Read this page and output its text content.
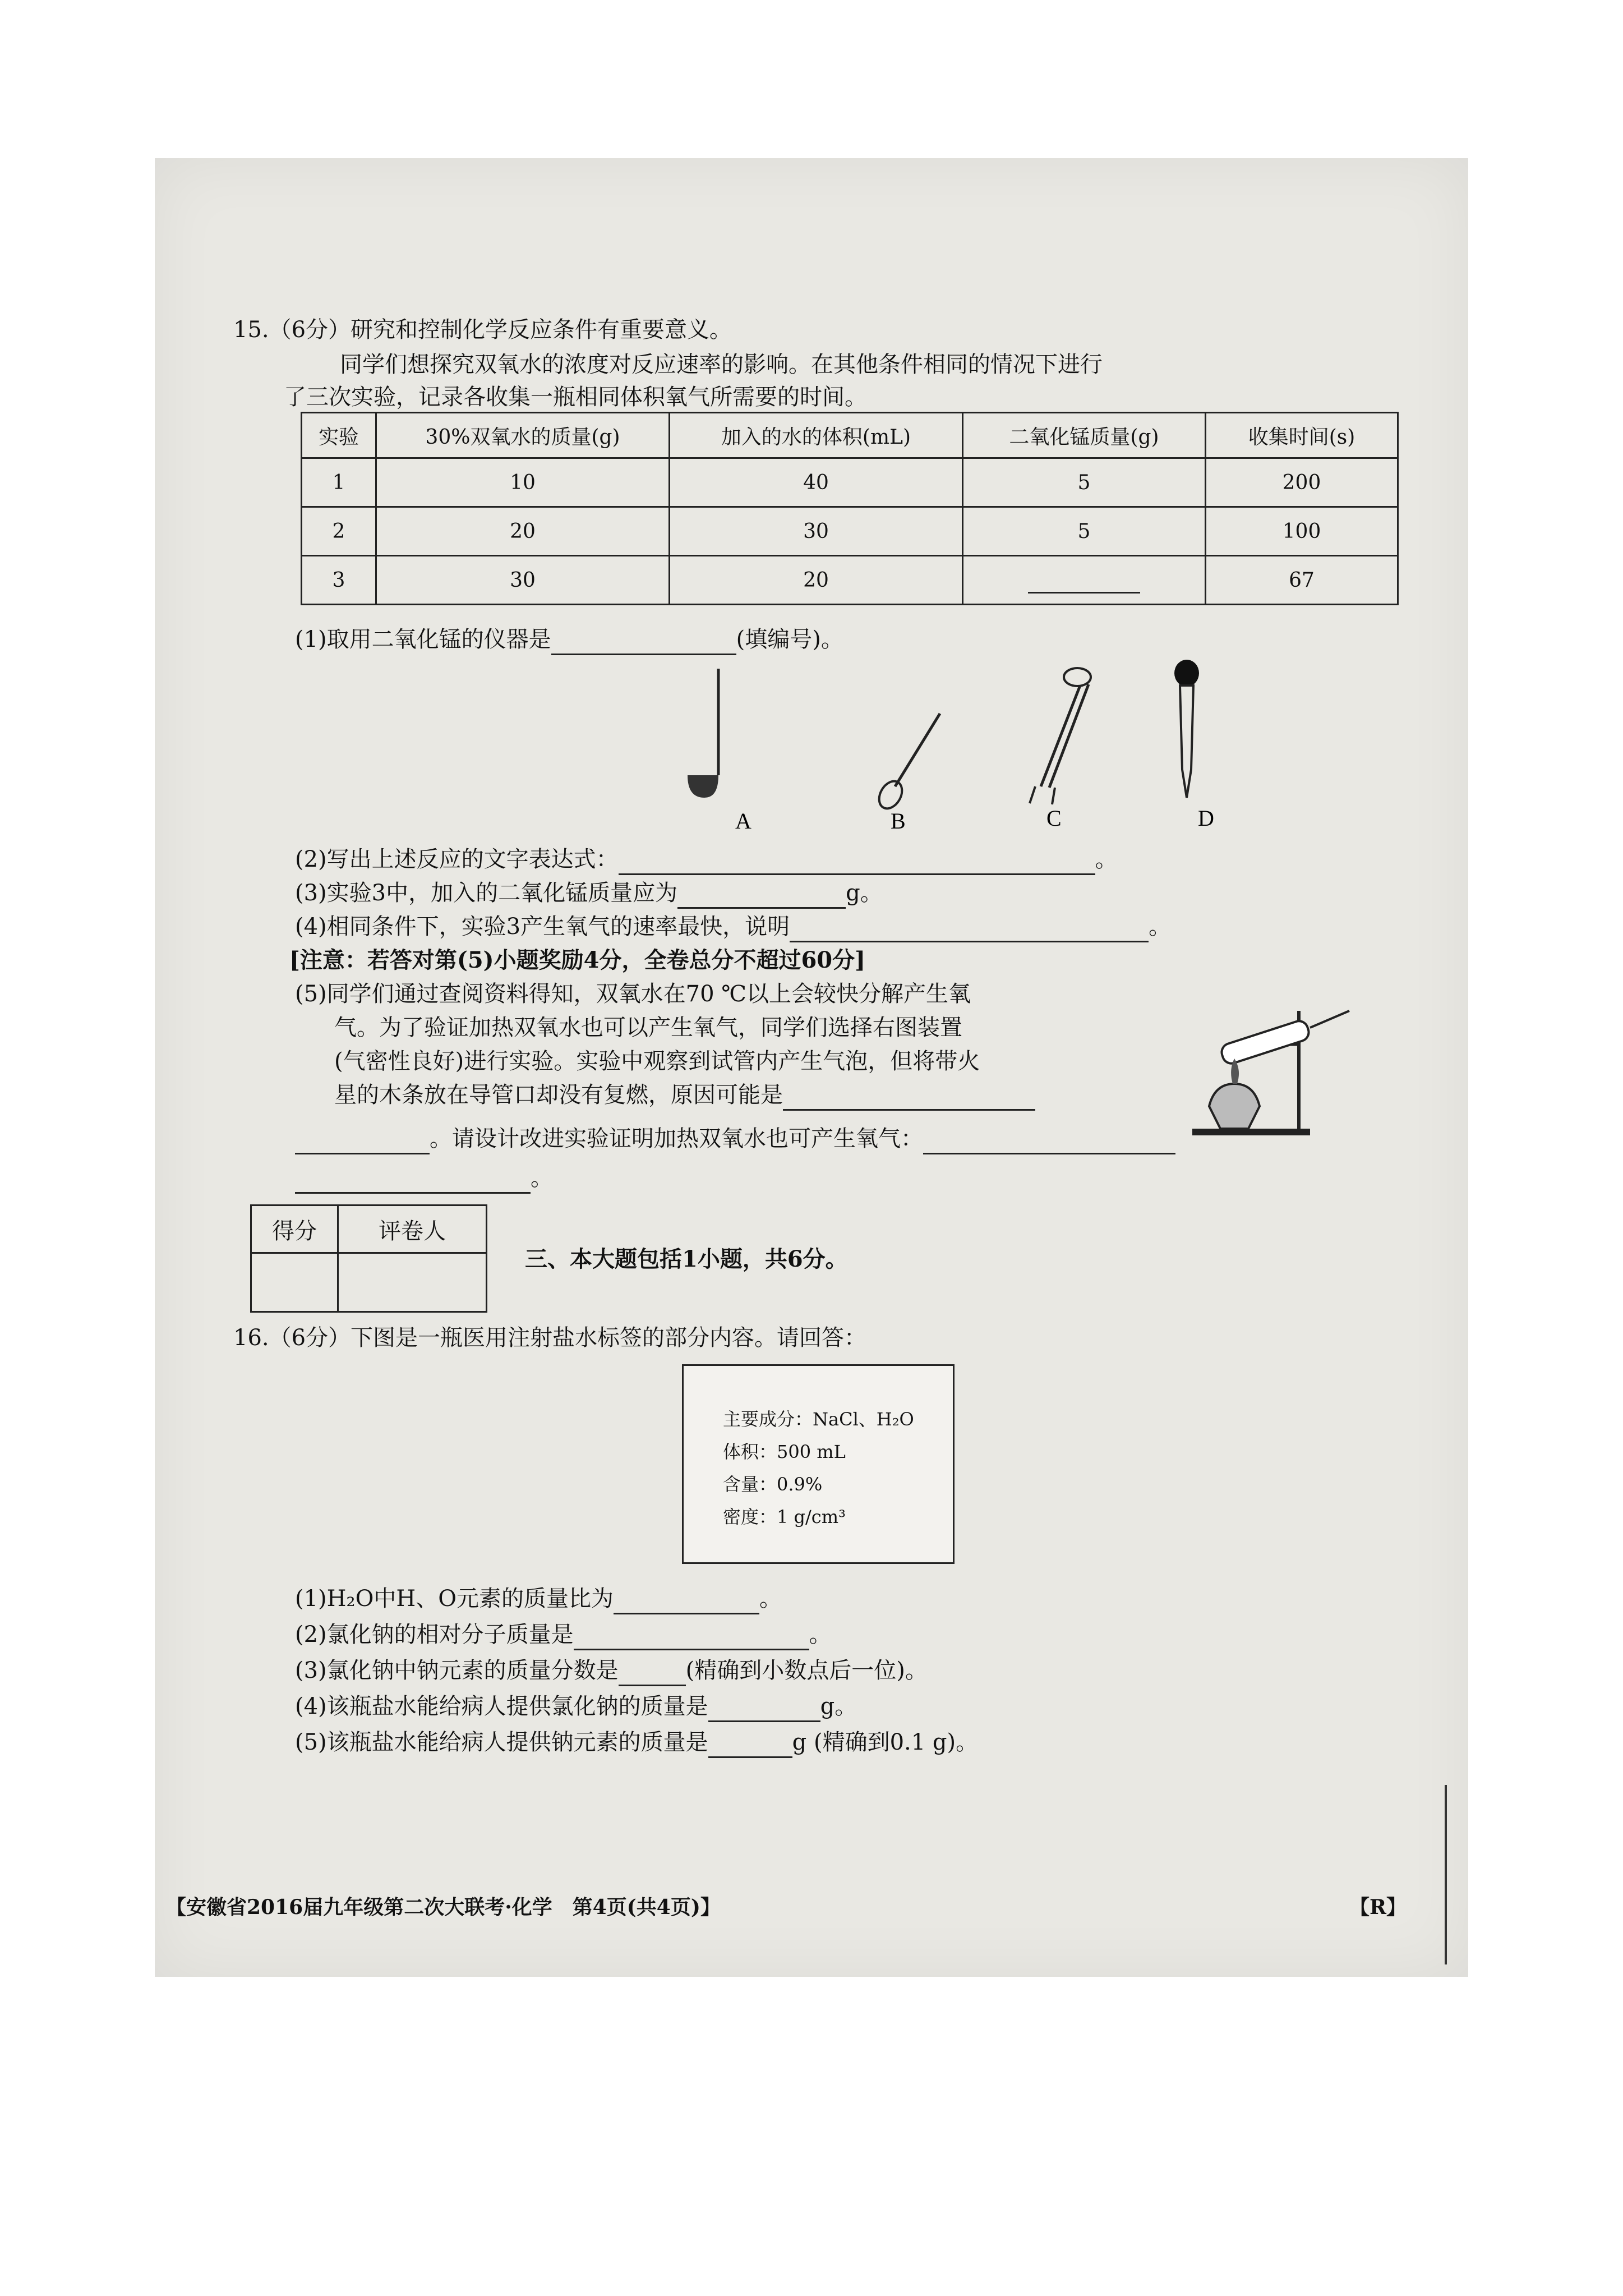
15.（6分）研究和控制化学反应条件有重要意义。
同学们想探究双氧水的浓度对反应速率的影响。在其他条件相同的情况下进行
了三次实验，记录各收集一瓶相同体积氧气所需要的时间。
实验	30%双氧水的质量(g)	加入的水的体积(mL)	二氧化锰质量(g)	收集时间(s)
1	10	40	5	200
2	20	30	5	100
3	30	20		67
(1)取用二氧化锰的仪器是	(填编号)。
A	B	C	D
(2)写出上述反应的文字表达式：	。
(3)实验3中，加入的二氧化锰质量应为	g。
(4)相同条件下，实验3产生氧气的速率最快，说明	。
[注意：若答对第(5)小题奖励4分，全卷总分不超过60分]
(5)同学们通过查阅资料得知，双氧水在70 ℃以上会较快分解产生氧
气。为了验证加热双氧水也可以产生氧气，同学们选择右图装置
(气密性良好)进行实验。实验中观察到试管内产生气泡，但将带火
星的木条放在导管口却没有复燃，原因可能是
。请设计改进实验证明加热双氧水也可产生氧气：
。
得分	评卷人

三、本大题包括1小题，共6分。
16.（6分）下图是一瓶医用注射盐水标签的部分内容。请回答：
主要成分：NaCl、H₂O
体积：500 mL
含量：0.9%
密度：1 g/cm³
(1)H₂O中H、O元素的质量比为	。
(2)氯化钠的相对分子质量是	。
(3)氯化钠中钠元素的质量分数是	(精确到小数点后一位)。
(4)该瓶盐水能给病人提供氯化钠的质量是	g。
(5)该瓶盐水能给病人提供钠元素的质量是	g (精确到0.1 g)。
【安徽省2016届九年级第二次大联考·化学　第4页(共4页)】	【R】
